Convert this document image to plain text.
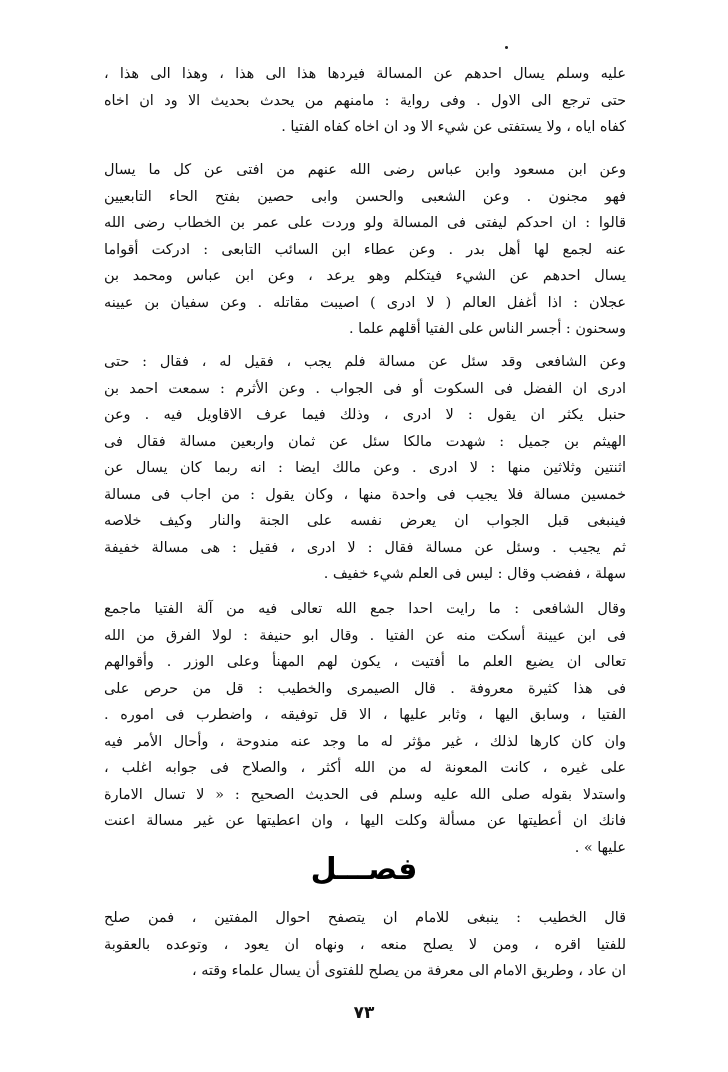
عليه وسلم يسال احدهم عن المسالة فيردها هذا الى هذا ، وهذا الى هذا ،
حتى ترجع الى الاول . وفى رواية : مامنهم من يحدث بحديث الا ود ان اخاه
كفاه اياه ، ولا يستفتى عن شيء الا ود ان اخاه كفاه الفتيا .
وعن ابن مسعود وابن عباس رضى الله عنهم من افتى عن كل ما يسال
فهو مجنون . وعن الشعبى والحسن وابى حصين بفتح الحاء التابعيين
قالوا : ان احدكم ليفتى فى المسالة ولو وردت على عمر بن الخطاب رضى الله
عنه لجمع لها أهل بدر . وعن عطاء ابن السائب التابعى : ادركت أقواما
يسال احدهم عن الشيء فيتكلم وهو يرعد ، وعن ابن عباس ومحمد بن
عجلان : اذا أغفل العالم ( لا ادرى ) اصيبت مقاتله . وعن سفيان بن عيينه
وسحنون : أجسر الناس على الفتيا أقلهم علما .
وعن الشافعى وقد سئل عن مسالة فلم يجب ، فقيل له ، فقال : حتى
ادرى ان الفضل فى السكوت أو فى الجواب . وعن الأثرم : سمعت احمد بن
حنبل يكثر ان يقول : لا ادرى ، وذلك فيما عرف الاقاويل فيه . وعن
الهيثم بن جميل : شهدت مالكا سئل عن ثمان واربعين مسالة فقال فى
اثنتين وثلاثين منها : لا ادرى . وعن مالك ايضا : انه ربما كان يسال عن
خمسين مسالة فلا يجيب فى واحدة منها ، وكان يقول : من اجاب فى مسالة
فينبغى قبل الجواب ان يعرض نفسه على الجنة والنار وكيف خلاصه
ثم يجيب . وسئل عن مسالة فقال : لا ادرى ، فقيل : هى مسالة خفيفة
سهلة ، ففضب وقال : ليس فى العلم شيء خفيف .
وقال الشافعى : ما رايت احدا جمع الله تعالى فيه من آلة الفتيا ماجمع
فى ابن عيينة أسكت منه عن الفتيا . وقال ابو حنيفة : لولا الفرق من الله
تعالى ان يضيع العلم ما أفتيت ، يكون لهم المهنأ وعلى الوزر . وأقوالهم
فى هذا كثيرة معروفة . قال الصيمرى والخطيب : قل من حرص على
الفتيا ، وسابق اليها ، وثابر عليها ، الا قل توفيقه ، واضطرب فى اموره .
وان كان كارها لذلك ، غير مؤثر له ما وجد عنه مندوحة ، وأحال الأمر فيه
على غيره ، كانت المعونة له من الله أكثر ، والصلاح فى جوابه اغلب ،
واستدلا بقوله صلى الله عليه وسلم فى الحديث الصحيح : « لا تسال الامارة
فانك ان أعطيتها عن مسألة وكلت اليها ، وان اعطيتها عن غير مسالة اعنت
عليها » .
فصـــل
قال الخطيب : ينبغى للامام ان يتصفح احوال المفتين ، فمن صلح
للفتيا اقره ، ومن لا يصلح منعه ، ونهاه ان يعود ، وتوعده بالعقوبة
ان عاد ، وطريق الامام الى معرفة من يصلح للفتوى أن يسال علماء وقته ،
٧٣
